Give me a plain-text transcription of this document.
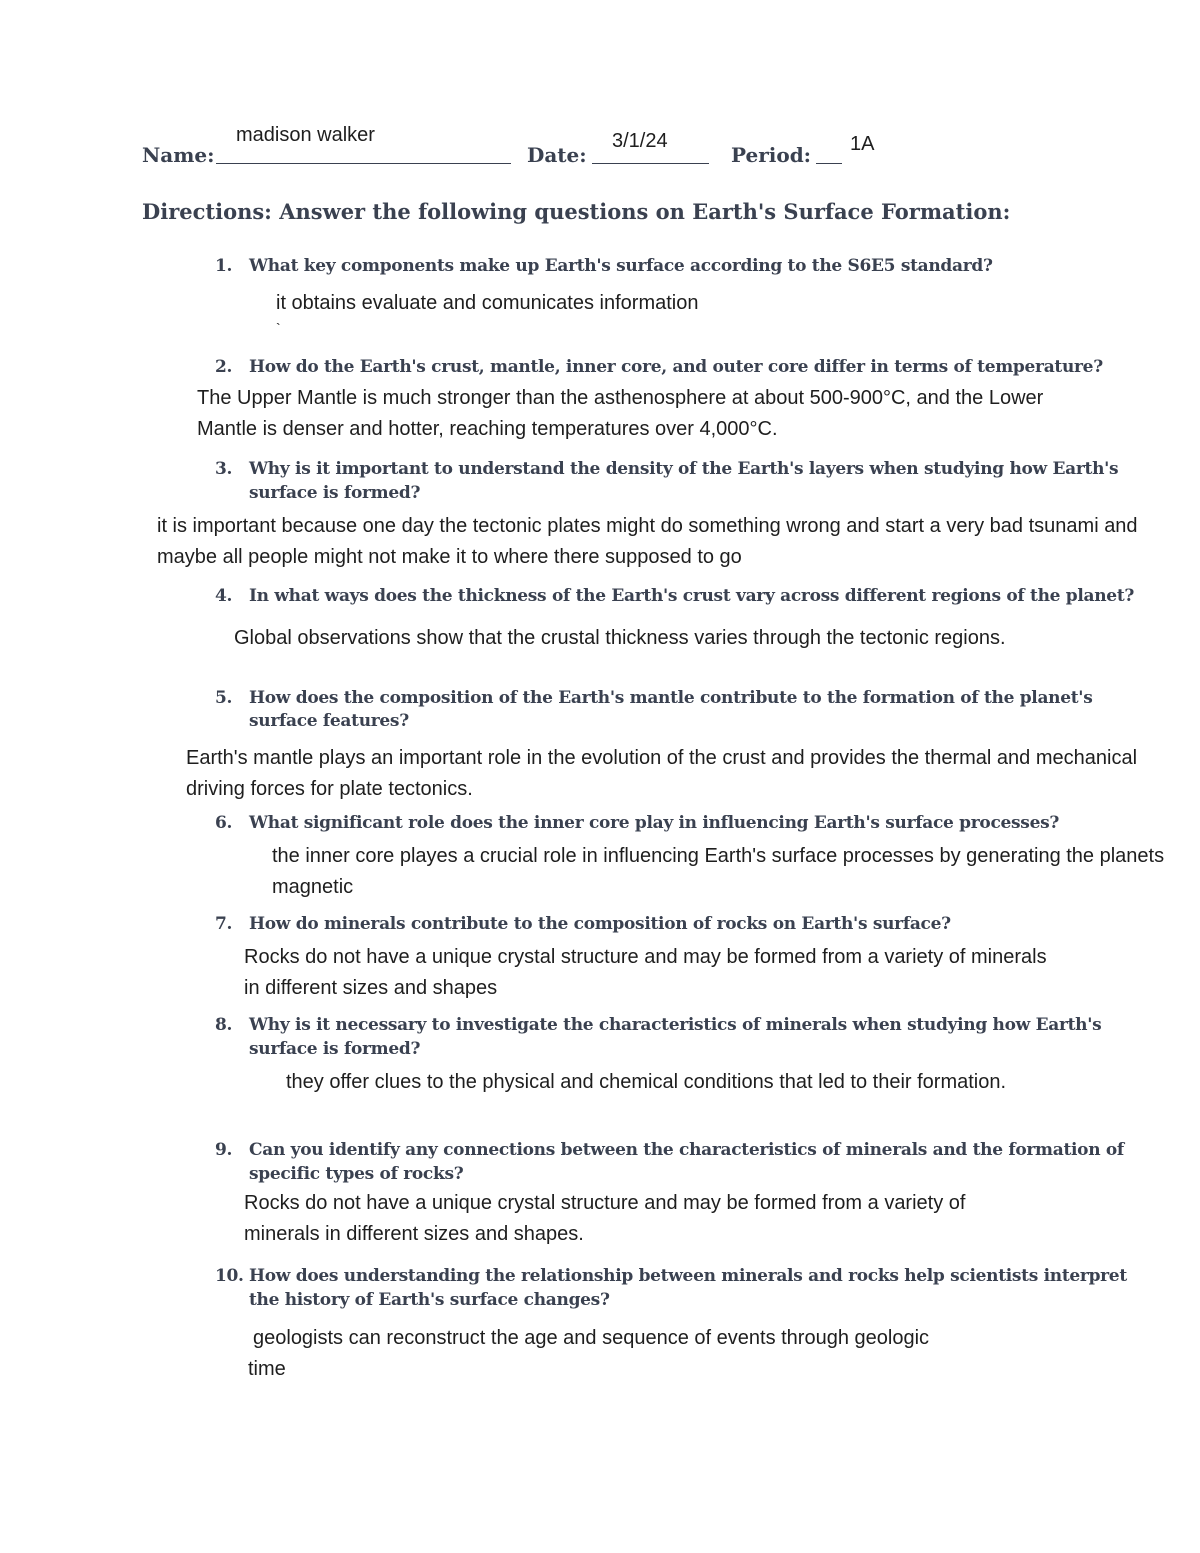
Name:
madison walker
Date:
3/1/24
Period: 1A
Directions: Answer the following questions on Earth's Surface Formation:
1. What key components make up Earth's surface according to the S6E5 standard?
it obtains evaluate and comunicates information
`
2. How do the Earth's crust, mantle, inner core, and outer core differ in terms of temperature?
The Upper Mantle is much stronger than the asthenosphere at about 500-900°C, and the Lower
Mantle is denser and hotter, reaching temperatures over 4,000°C.
3. Why is it important to understand the density of the Earth's layers when studying how Earth's
surface is formed?
it is important because one day the tectonic plates might do something wrong and start a very bad tsunami and
maybe all people might not make it to where there supposed to go
4. In what ways does the thickness of the Earth's crust vary across different regions of the planet?
Global observations show that the crustal thickness varies through the tectonic regions.
5. How does the composition of the Earth's mantle contribute to the formation of the planet's
surface features?
Earth's mantle plays an important role in the evolution of the crust and provides the thermal and mechanical
driving forces for plate tectonics.
6. What significant role does the inner core play in influencing Earth's surface processes?
the inner core playes a crucial role in influencing Earth's surface processes by generating the planets
magnetic
7. How do minerals contribute to the composition of rocks on Earth's surface?
Rocks do not have a unique crystal structure and may be formed from a variety of minerals
in different sizes and shapes
8. Why is it necessary to investigate the characteristics of minerals when studying how Earth's
surface is formed?
they offer clues to the physical and chemical conditions that led to their formation.
9. Can you identify any connections between the characteristics of minerals and the formation of
specific types of rocks?
Rocks do not have a unique crystal structure and may be formed from a variety of
minerals in different sizes and shapes.
10. How does understanding the relationship between minerals and rocks help scientists interpret
the history of Earth's surface changes?
geologists can reconstruct the age and sequence of events through geologic
time
